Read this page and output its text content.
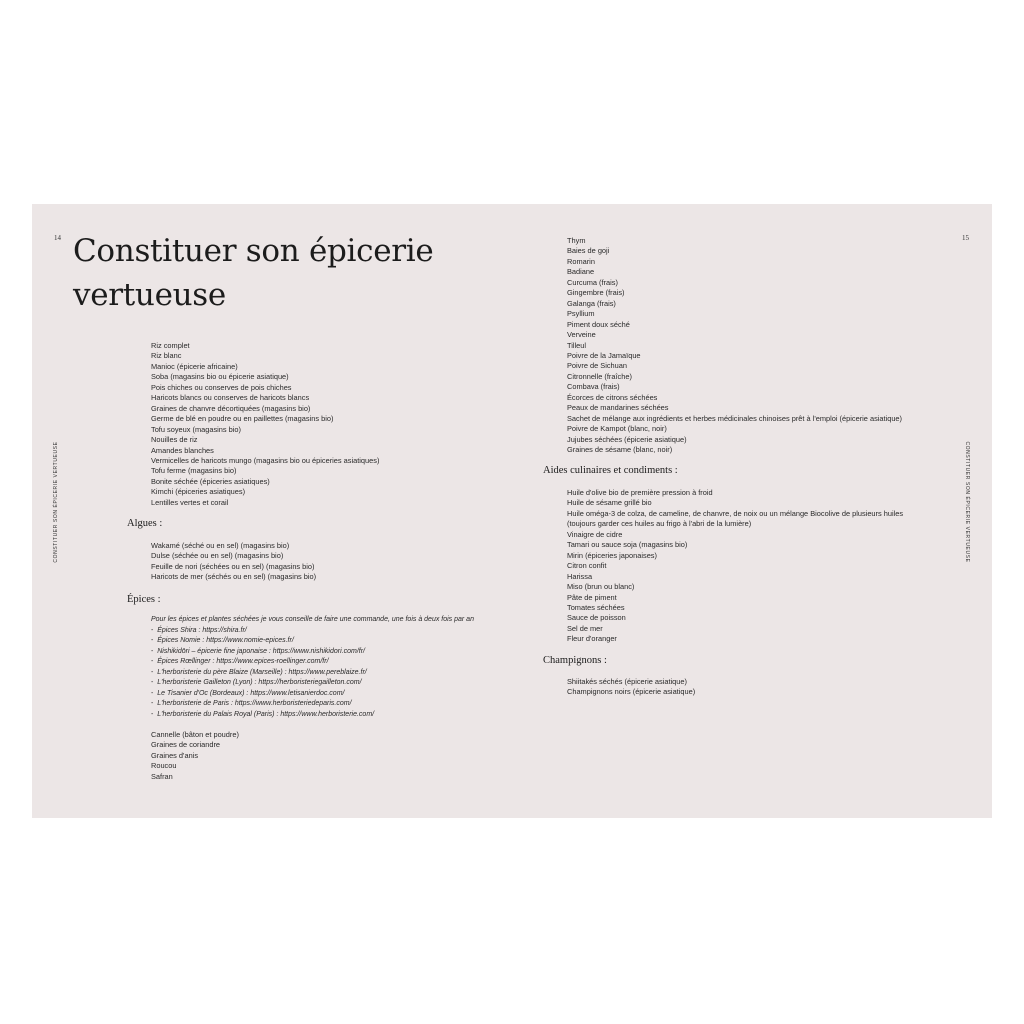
14
CONSTITUER SON ÉPICERIE VERTUEUSE
Constituer son épicerie
vertueuse
Riz complet
Riz blanc
Manioc (épicerie africaine)
Soba (magasins bio ou épicerie asiatique)
Pois chiches ou conserves de pois chiches
Haricots blancs ou conserves de haricots blancs
Graines de chanvre décortiquées (magasins bio)
Germe de blé en poudre ou en paillettes (magasins bio)
Tofu soyeux (magasins bio)
Nouilles de riz
Amandes blanches
Vermicelles de haricots mungo (magasins bio ou épiceries asiatiques)
Tofu ferme (magasins bio)
Bonite séchée (épiceries asiatiques)
Kimchi (épiceries asiatiques)
Lentilles vertes et corail
Algues :
Wakamé (séché ou en sel) (magasins bio)
Dulse (séchée ou en sel) (magasins bio)
Feuille de nori (séchées ou en sel) (magasins bio)
Haricots de mer (séchés ou en sel) (magasins bio)
Épices :
Pour les épices et plantes séchées je vous conseille de faire une commande, une fois à deux fois par an
-  Épices Shira : https://shira.fr/
-  Épices Nomie : https://www.nomie-epices.fr/
-  Nishikidōri – épicerie fine japonaise : https://www.nishikidori.com/fr/
-  Épices Rœllinger : https://www.epices-roellinger.com/fr/
-  L'herboristerie du père Blaize (Marseille) : https://www.pereblaize.fr/
-  L'herboristerie Gailleton (Lyon) : https://herboristeriegailleton.com/
-  Le Tisanier d'Oc (Bordeaux) : https://www.letisanierdoc.com/
-  L'herboristerie de Paris : https://www.herboristeriedeparis.com/
-  L'herboristerie du Palais Royal (Paris) : https://www.herboristerie.com/
Cannelle (bâton et poudre)
Graines de coriandre
Graines d'anis
Roucou
Safran
15
CONSTITUER SON ÉPICERIE VERTUEUSE
Thym
Baies de goji
Romarin
Badiane
Curcuma (frais)
Gingembre (frais)
Galanga (frais)
Psyllium
Piment doux séché
Verveine
Tilleul
Poivre de la Jamaïque
Poivre de Sichuan
Citronnelle (fraîche)
Combava (frais)
Écorces de citrons séchées
Peaux de mandarines séchées
Sachet de mélange aux ingrédients et herbes médicinales chinoises prêt à l'emploi (épicerie asiatique)
Poivre de Kampot (blanc, noir)
Jujubes séchées (épicerie asiatique)
Graines de sésame (blanc, noir)
Aides culinaires et condiments :
Huile d'olive bio de première pression à froid
Huile de sésame grillé bio
Huile oméga-3 de colza, de cameline, de chanvre, de noix ou un mélange Biocolive de plusieurs huiles
(toujours garder ces huiles au frigo à l'abri de la lumière)
Vinaigre de cidre
Tamari ou sauce soja (magasins bio)
Mirin (épiceries japonaises)
Citron confit
Harissa
Miso (brun ou blanc)
Pâte de piment
Tomates séchées
Sauce de poisson
Sel de mer
Fleur d'oranger
Champignons :
Shiitakés séchés (épicerie asiatique)
Champignons noirs (épicerie asiatique)
